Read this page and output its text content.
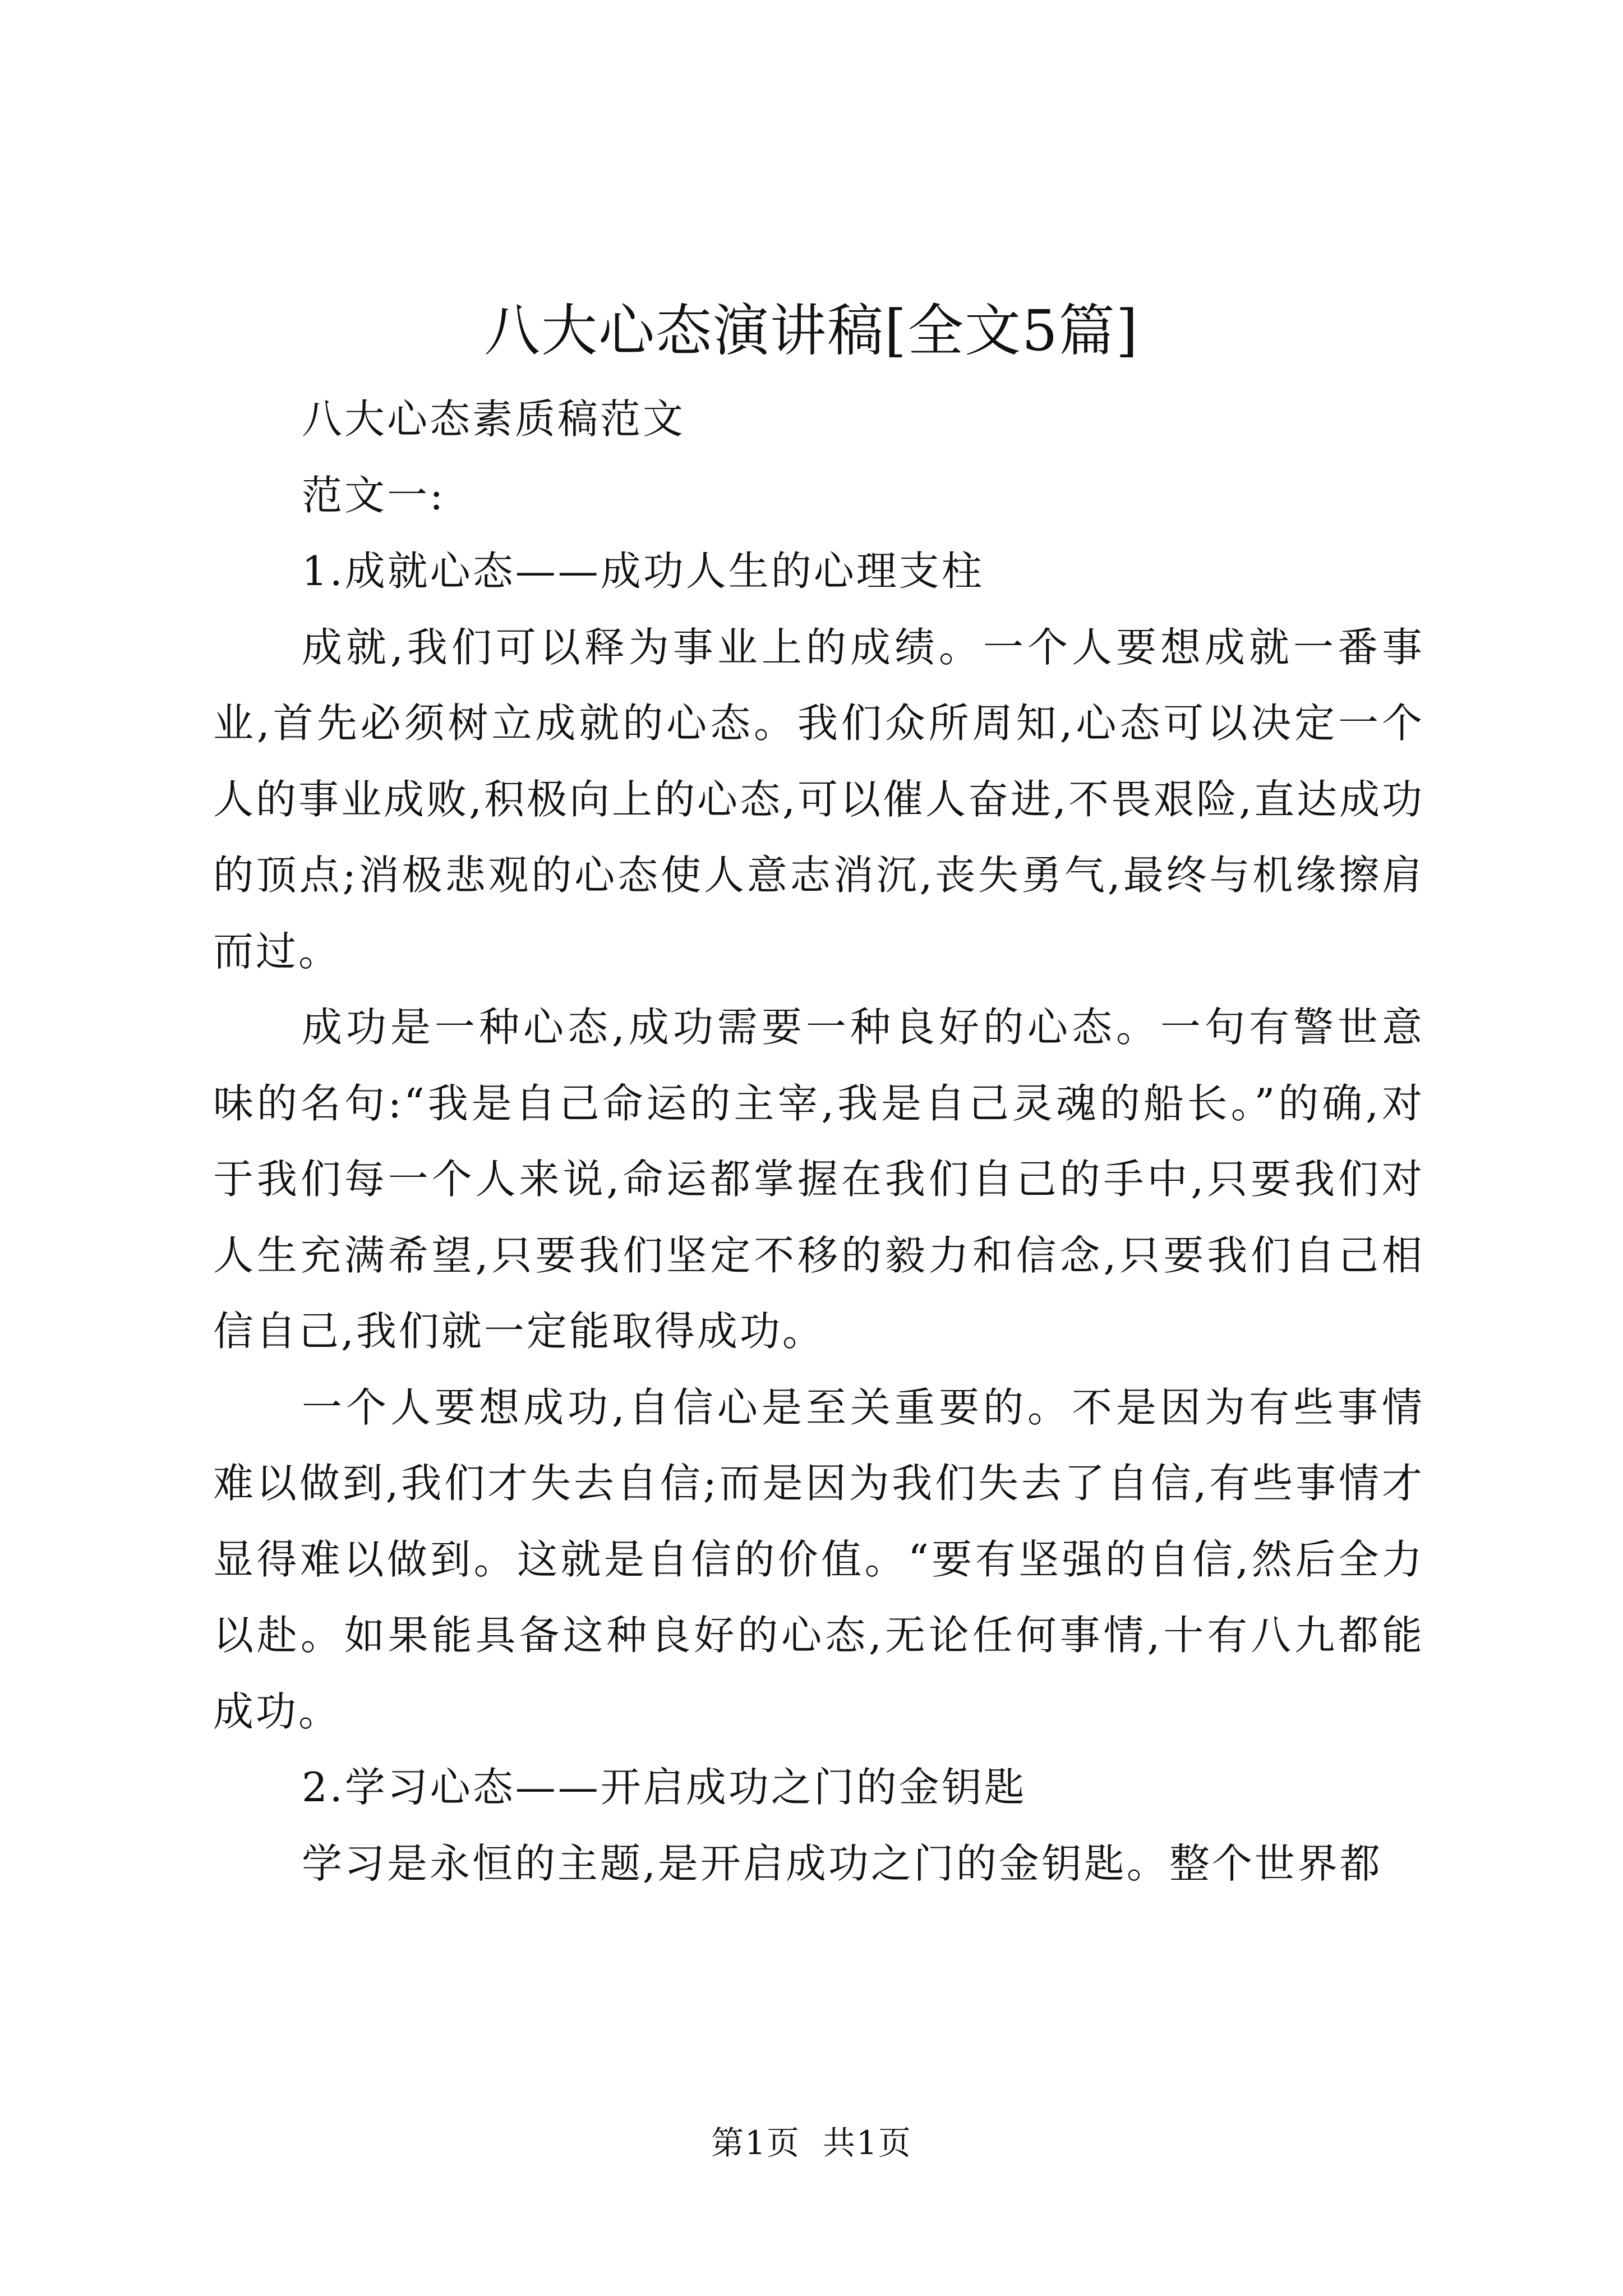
八大心态演讲稿[全文5篇]

八大心态素质稿范文

范文一:

1.成就心态——成功人生的心理支柱

成就,我们可以释为事业上的成绩。一个人要想成就一番事业,首先必须树立成就的心态。我们众所周知,心态可以决定一个人的事业成败,积极向上的心态,可以催人奋进,不畏艰险,直达成功的顶点;消极悲观的心态使人意志消沉,丧失勇气,最终与机缘擦肩而过。

成功是一种心态,成功需要一种良好的心态。一句有警世意味的名句:“我是自己命运的主宰,我是自己灵魂的船长。”的确,对于我们每一个人来说,命运都掌握在我们自己的手中,只要我们对人生充满希望,只要我们坚定不移的毅力和信念,只要我们自己相信自己,我们就一定能取得成功。

一个人要想成功,自信心是至关重要的。不是因为有些事情难以做到,我们才失去自信;而是因为我们失去了自信,有些事情才显得难以做到。这就是自信的价值。“要有坚强的自信,然后全力以赴。如果能具备这种良好的心态,无论任何事情,十有八九都能成功。

2.学习心态——开启成功之门的金钥匙

学习是永恒的主题,是开启成功之门的金钥匙。整个世界都

第1页 共1页
